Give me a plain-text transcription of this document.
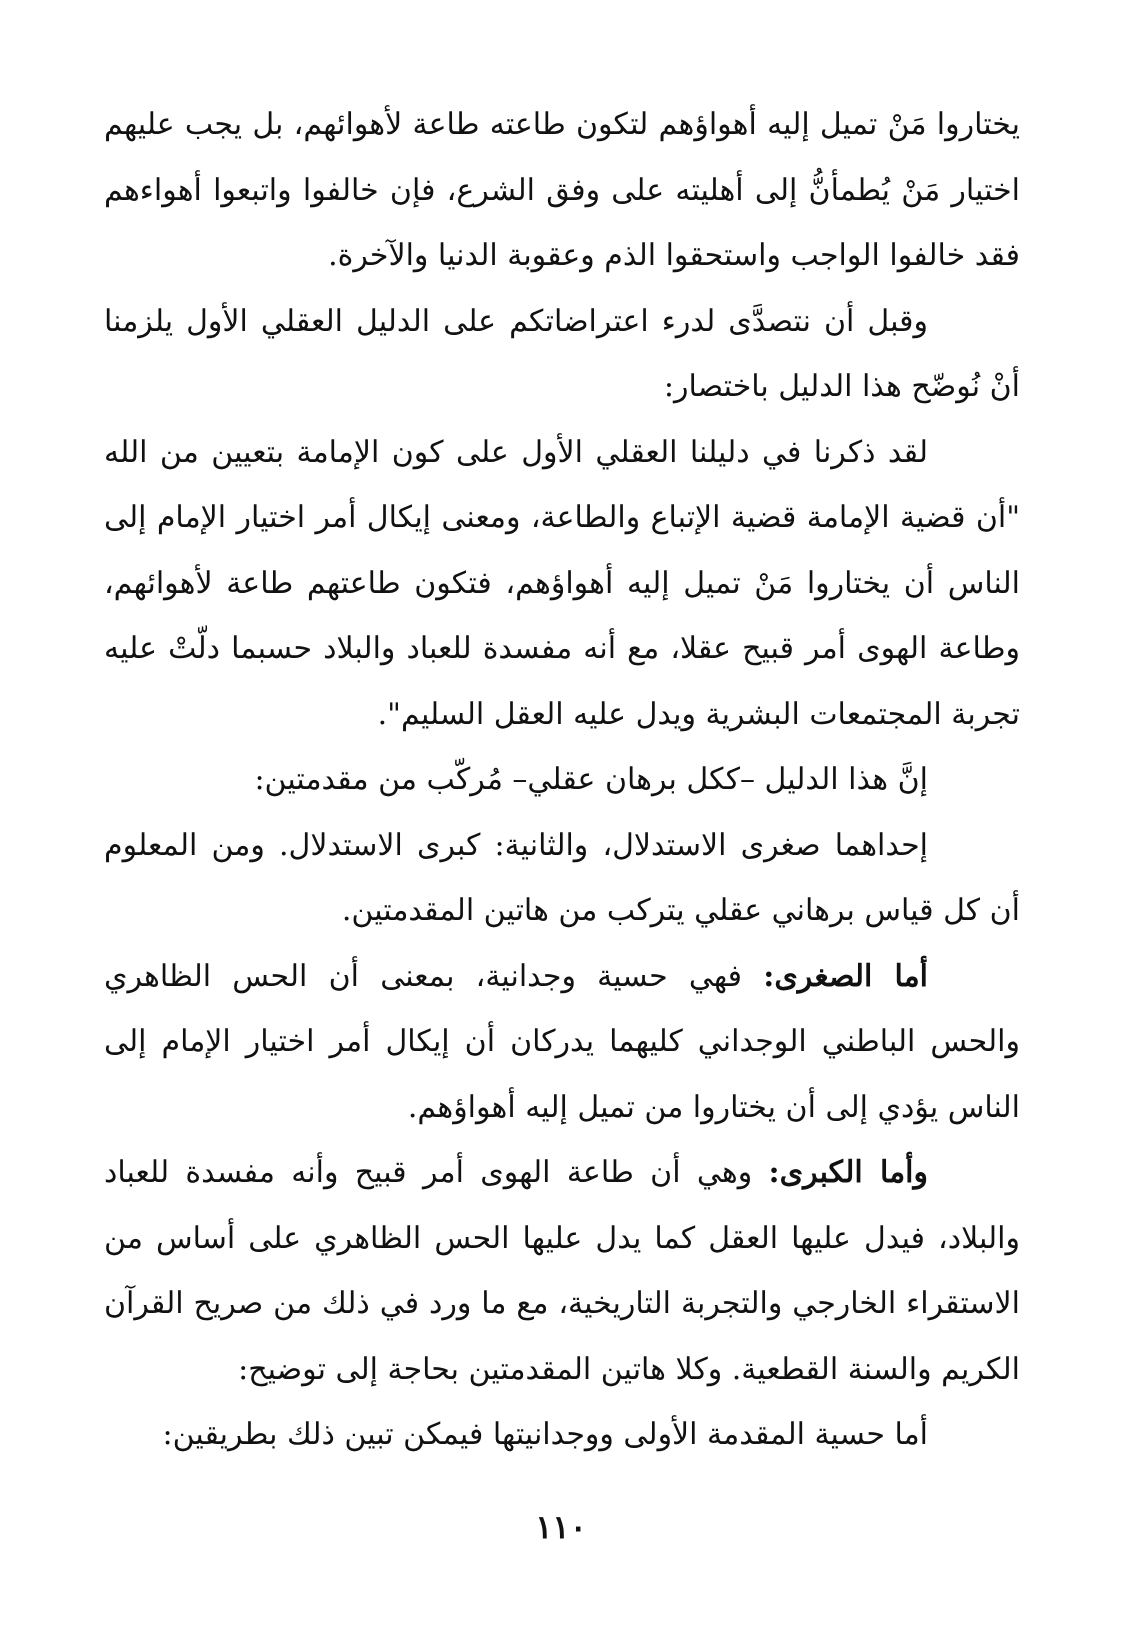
يختاروا مَنْ تميل إليه أهواؤهم لتكون طاعته طاعة لأهوائهم، بل يجب عليهم اختيار مَنْ يُطمأنُّ إلى أهليته على وفق الشرع، فإن خالفوا واتبعوا أهواءهم فقد خالفوا الواجب واستحقوا الذم وعقوبة الدنيا والآخرة.

وقبل أن نتصدَّى لدرء اعتراضاتكم على الدليل العقلي الأول يلزمنا أنْ نُوضّح هذا الدليل باختصار:

لقد ذكرنا في دليلنا العقلي الأول على كون الإمامة بتعيين من الله "أن قضية الإمامة قضية الإتباع والطاعة، ومعنى إيكال أمر اختيار الإمام إلى الناس أن يختاروا مَنْ تميل إليه أهواؤهم، فتكون طاعتهم طاعة لأهوائهم، وطاعة الهوى أمر قبيح عقلا، مع أنه مفسدة للعباد والبلاد حسبما دلّتْ عليه تجربة المجتمعات البشرية ويدل عليه العقل السليم".

إنَّ هذا الدليل –ككل برهان عقلي– مُركّب من مقدمتين:

إحداهما صغرى الاستدلال، والثانية: كبرى الاستدلال. ومن المعلوم أن كل قياس برهاني عقلي يتركب من هاتين المقدمتين.

أما الصغرى: فهي حسية وجدانية، بمعنى أن الحس الظاهري والحس الباطني الوجداني كليهما يدركان أن إيكال أمر اختيار الإمام إلى الناس يؤدي إلى أن يختاروا من تميل إليه أهواؤهم.

وأما الكبرى: وهي أن طاعة الهوى أمر قبيح وأنه مفسدة للعباد والبلاد، فيدل عليها العقل كما يدل عليها الحس الظاهري على أساس من الاستقراء الخارجي والتجربة التاريخية، مع ما ورد في ذلك من صريح القرآن الكريم والسنة القطعية. وكلا هاتين المقدمتين بحاجة إلى توضيح:

أما حسية المقدمة الأولى ووجدانيتها فيمكن تبين ذلك بطريقين:

١١٠
